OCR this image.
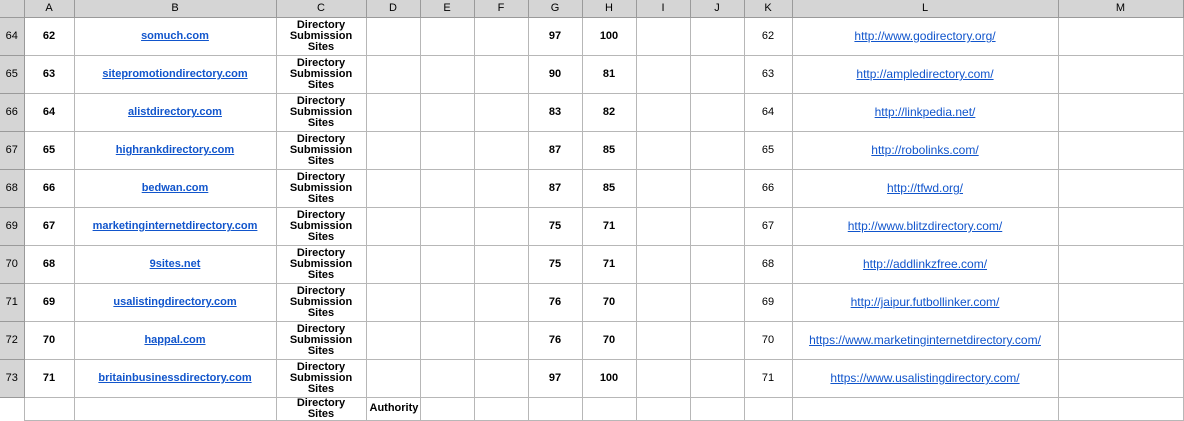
	A	B	C	D	E	F	G	H	I	J	K	L	M
64	62	somuch.com	Directory
Submission
Sites				97	100			62	http://www.godirectory.org/	

65	63	sitepromotiondirectory.com	Directory
Submission
Sites				90	81			63	http://ampledirectory.com/	

66	64	alistdirectory.com	Directory
Submission
Sites				83	82			64	http://linkpedia.net/	

67	65	highrankdirectory.com	Directory
Submission
Sites				87	85			65	http://robolinks.com/	

68	66	bedwan.com	Directory
Submission
Sites				87	85			66	http://tfwd.org/	

69	67	marketinginternetdirectory.com	Directory
Submission
Sites				75	71			67	http://www.blitzdirectory.com/	

70	68	9sites.net	Directory
Submission
Sites				75	71			68	http://addlinkzfree.com/	

71	69	usalistingdirectory.com	Directory
Submission
Sites				76	70			69	http://jaipur.futbollinker.com/	

72	70	happal.com	Directory
Submission
Sites				76	70			70	https://www.marketinginternetdirectory.com/	

73	71	britainbusinessdirectory.com	Directory
Submission
Sites				97	100			71	https://www.usalistingdirectory.com/	

			Directory
Sites	Authority									
